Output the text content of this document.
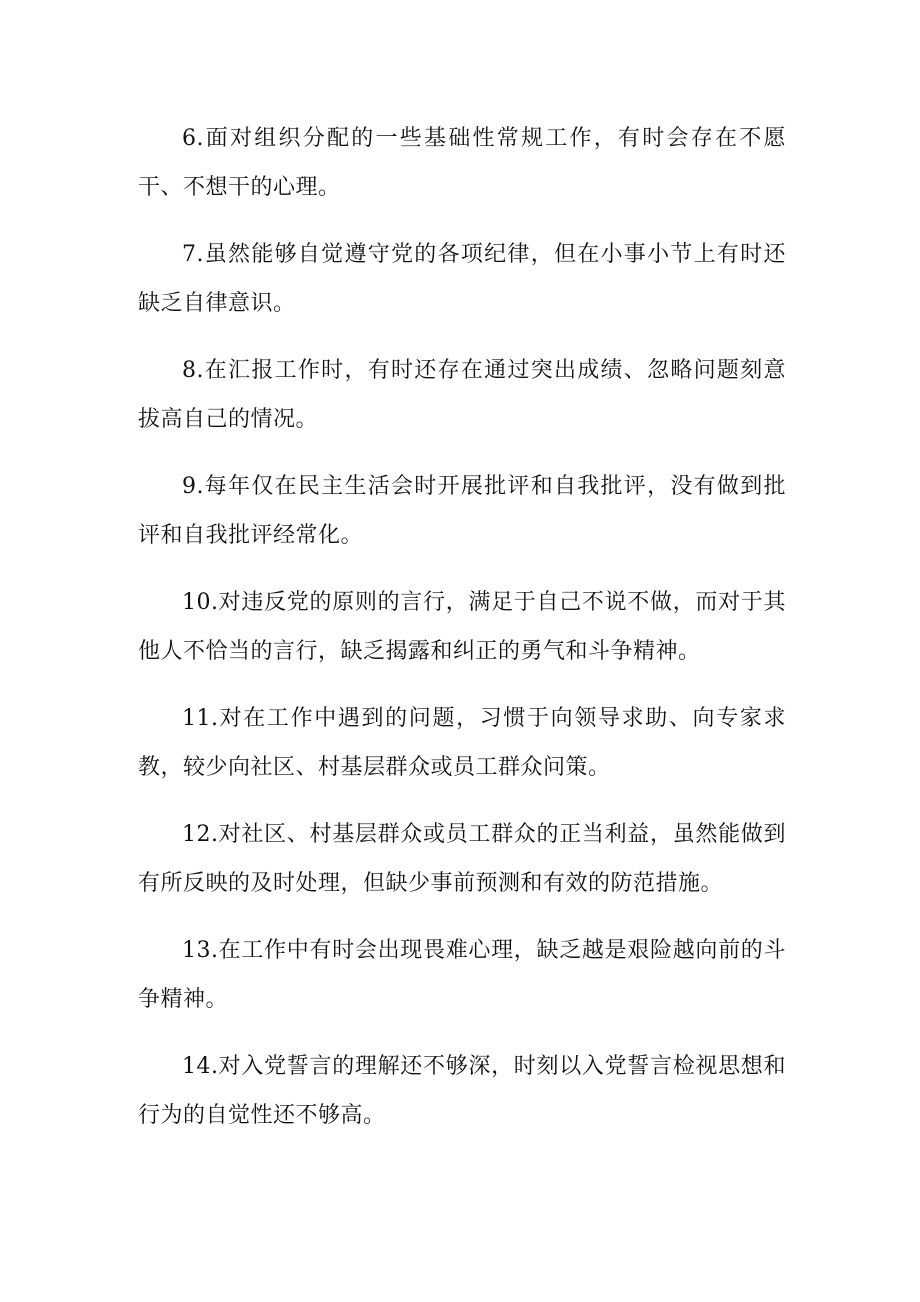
6.面对组织分配的一些基础性常规工作，有时会存在不愿干、不想干的心理。

7.虽然能够自觉遵守党的各项纪律，但在小事小节上有时还缺乏自律意识。

8.在汇报工作时，有时还存在通过突出成绩、忽略问题刻意拔高自己的情况。

9.每年仅在民主生活会时开展批评和自我批评，没有做到批评和自我批评经常化。

10.对违反党的原则的言行，满足于自己不说不做，而对于其他人不恰当的言行，缺乏揭露和纠正的勇气和斗争精神。

11.对在工作中遇到的问题，习惯于向领导求助、向专家求教，较少向社区、村基层群众或员工群众问策。

12.对社区、村基层群众或员工群众的正当利益，虽然能做到有所反映的及时处理，但缺少事前预测和有效的防范措施。

13.在工作中有时会出现畏难心理，缺乏越是艰险越向前的斗争精神。

14.对入党誓言的理解还不够深，时刻以入党誓言检视思想和行为的自觉性还不够高。
